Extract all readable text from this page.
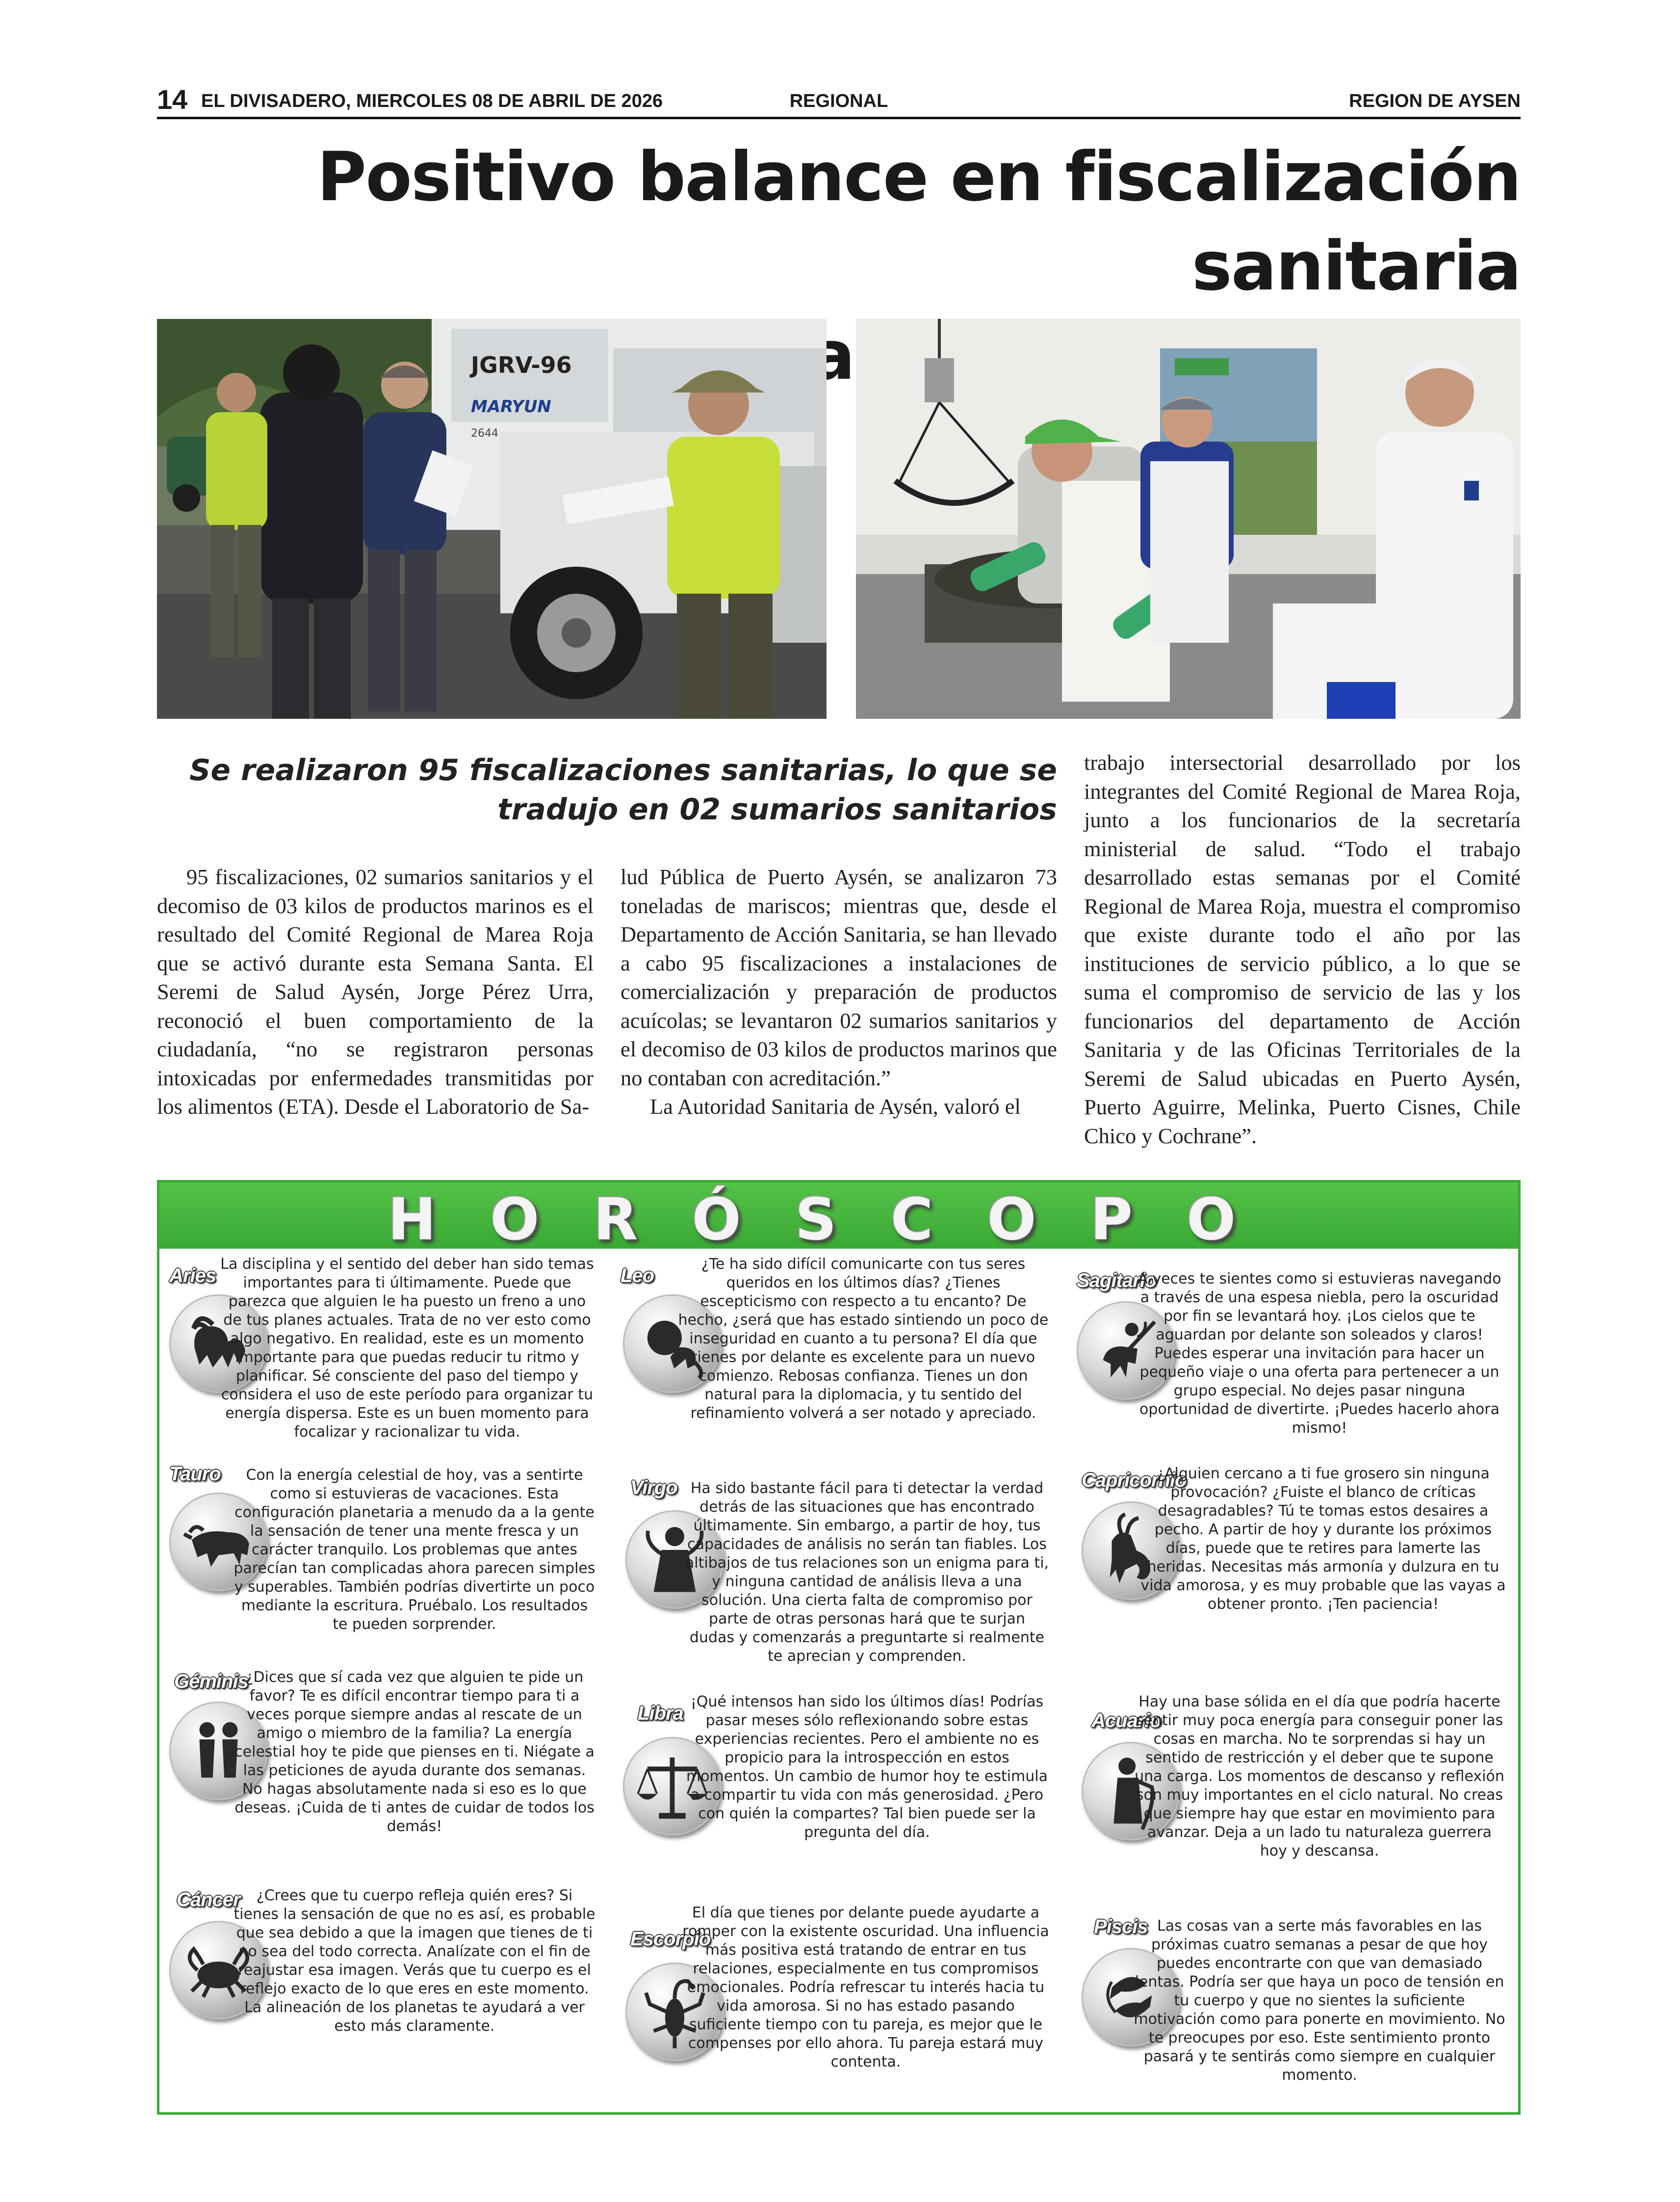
14 EL DIVISADERO, MIERCOLES 08 DE ABRIL DE 2026	REGIONAL	REGION DE AYSEN
Positivo balance en fiscalización sanitaria
durante
JGRV-96
MARYUN
2644
Se realizaron 95 fiscalizaciones sanitarias, lo que se tradujo en 02 sumarios sanitarios

95 fiscalizaciones, 02 sumarios sanitarios y el decomiso de 03 kilos de productos marinos es el resultado del Comité Regional de Marea Roja que se activó durante esta Semana Santa. El Seremi de Salud Aysén, Jorge Pérez Urra, reconoció el buen comportamiento de la ciudadanía, “no se registraron personas intoxicadas por enfermedades transmitidas por los alimentos (ETA). Desde el Laboratorio de Sa-

lud Pública de Puerto Aysén, se analizaron 73 toneladas de mariscos; mientras que, desde el Departamento de Acción Sanitaria, se han llevado a cabo 95 fiscalizaciones a instalaciones de comercialización y preparación de productos acuícolas; se levantaron 02 sumarios sanitarios y el decomiso de 03 kilos de productos marinos que no contaban con acreditación.”

La Autoridad Sanitaria de Aysén, valoró el

trabajo intersectorial desarrollado por los integrantes del Comité Regional de Marea Roja, junto a los funcionarios de la secretaría ministerial de salud. “Todo el trabajo desarrollado estas semanas por el Comité Regional de Marea Roja, muestra el compromiso que existe durante todo el año por las instituciones de servicio público, a lo que se suma el compromiso de servicio de las y los funcionarios del departamento de Acción Sanitaria y de las Oficinas Territoriales de la Seremi de Salud ubicadas en Puerto Aysén, Puerto Aguirre, Melinka, Puerto Cisnes, Chile Chico y Cochrane”.

HORÓSCOPO
Aries

La disciplina y el sentido del deber han sido temas importantes para ti últimamente. Puede que parezca que alguien le ha puesto un freno a uno de tus planes actuales. Trata de no ver esto como algo negativo. En realidad, este es un momento importante para que puedas reducir tu ritmo y planificar. Sé consciente del paso del tiempo y considera el uso de este período para organizar tu energía dispersa. Este es un buen momento para focalizar y racionalizar tu vida.

Tauro	Con la energía celestial de hoy, vas a sentirte como si estuvieras de vacaciones. Esta configuración planetaria a menudo da a la gente la sensación de tener una mente fresca y un carácter tranquilo. Los problemas que antes parecían tan complicadas ahora parecen simples y superables. También podrías divertirte un poco mediante la escritura. Pruébalo. Los resultados te pueden sorprender.

Géminis

¿Dices que sí cada vez que alguien te pide un favor? Te es difícil encontrar tiempo para ti a veces porque siempre andas al rescate de un amigo o miembro de la familia? La energía celestial hoy te pide que pienses en ti. Niégate a las peticiones de ayuda durante dos semanas. No hagas absolutamente nada si eso es lo que deseas. ¡Cuida de ti antes de cuidar de todos los demás!

Cáncer	¿Crees que tu cuerpo refleja quién eres? Si tienes la sensación de que no es así, es probable que sea debido a que la imagen que tienes de ti no sea del todo correcta. Analízate con el fin de reajustar esa imagen. Verás que tu cuerpo es el reflejo exacto de lo que eres en este momento. La alineación de los planetas te ayudará a ver esto más claramente.

Leo

¿Te ha sido difícil comunicarte con tus seres queridos en los últimos días? ¿Tienes escepticismo con respecto a tu encanto? De hecho, ¿será que has estado sintiendo un poco de inseguridad en cuanto a tu persona? El día que tienes por delante es excelente para un nuevo comienzo. Rebosas confianza. Tienes un don natural para la diplomacia, y tu sentido del refinamiento volverá a ser notado y apreciado.

Virgo Ha sido bastante fácil para ti detectar la verdad detrás de las situaciones que has encontrado últimamente. Sin embargo, a partir de hoy, tus capacidades de análisis no serán tan fiables. Los altibajos de tus relaciones son un enigma para ti, y ninguna cantidad de análisis lleva a una solución. Una cierta falta de compromiso por parte de otras personas hará que te surjan dudas y comenzarás a preguntarte si realmente te aprecian y comprenden.

Libra

¡Qué intensos han sido los últimos días! Podrías pasar meses sólo reflexionando sobre estas experiencias recientes. Pero el ambiente no es propicio para la introspección en estos momentos. Un cambio de humor hoy te estimula a compartir tu vida con más generosidad. ¿Pero con quién la compartes? Tal bien puede ser la pregunta del día.

Escorpio

El día que tienes por delante puede ayudarte a romper con la existente oscuridad. Una influencia más positiva está tratando de entrar en tus relaciones, especialmente en tus compromisos emocionales. Podría refrescar tu interés hacia tu vida amorosa. Si no has estado pasando suficiente tiempo con tu pareja, es mejor que le compenses por ello ahora. Tu pareja estará muy contenta.

Sagitario

A veces te sientes como si estuvieras navegando a través de una espesa niebla, pero la oscuridad por fin se levantará hoy. ¡Los cielos que te aguardan por delante son soleados y claros! Puedes esperar una invitación para hacer un pequeño viaje o una oferta para pertenecer a un grupo especial. No dejes pasar ninguna oportunidad de divertirte. ¡Puedes hacerlo ahora mismo!

Capricornio

¿Alguien cercano a ti fue grosero sin ninguna provocación? ¿Fuiste el blanco de críticas desagradables? Tú te tomas estos desaires a pecho. A partir de hoy y durante los próximos días, puede que te retires para lamerte las heridas. Necesitas más armonía y dulzura en tu vida amorosa, y es muy probable que las vayas a obtener pronto. ¡Ten paciencia!

Acuario

Hay una base sólida en el día que podría hacerte sentir muy poca energía para conseguir poner las cosas en marcha. No te sorprendas si hay un sentido de restricción y el deber que te supone una carga. Los momentos de descanso y reflexión son muy importantes en el ciclo natural. No creas que siempre hay que estar en movimiento para avanzar. Deja a un lado tu naturaleza guerrera hoy y descansa.

Piscis Las cosas van a serte más favorables en las próximas cuatro semanas a pesar de que hoy puedes encontrarte con que van demasiado lentas. Podría ser que haya un poco de tensión en tu cuerpo y que no sientes la suficiente motivación como para ponerte en movimiento. No te preocupes por eso. Este sentimiento pronto pasará y te sentirás como siempre en cualquier momento.
